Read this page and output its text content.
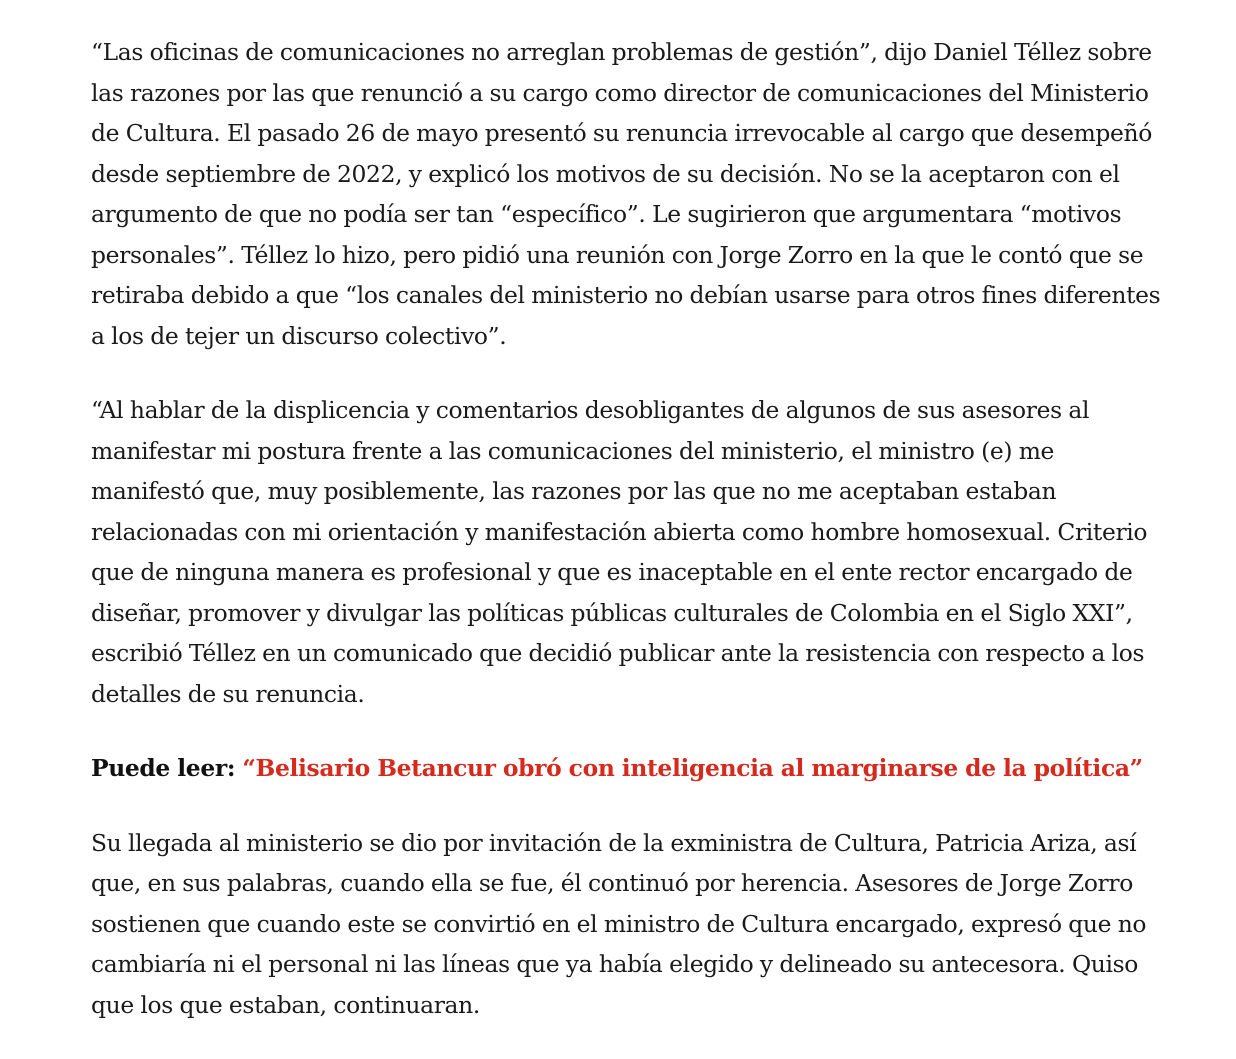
“Las oficinas de comunicaciones no arreglan problemas de gestión”, dijo Daniel Téllez sobre las razones por las que renunció a su cargo como director de comunicaciones del Ministerio de Cultura. El pasado 26 de mayo presentó su renuncia irrevocable al cargo que desempeñó desde septiembre de 2022, y explicó los motivos de su decisión. No se la aceptaron con el argumento de que no podía ser tan “específico”. Le sugirieron que argumentara “motivos personales”. Téllez lo hizo, pero pidió una reunión con Jorge Zorro en la que le contó que se retiraba debido a que “los canales del ministerio no debían usarse para otros fines diferentes a los de tejer un discurso colectivo”.

“Al hablar de la displicencia y comentarios desobligantes de algunos de sus asesores al manifestar mi postura frente a las comunicaciones del ministerio, el ministro (e) me manifestó que, muy posiblemente, las razones por las que no me aceptaban estaban relacionadas con mi orientación y manifestación abierta como hombre homosexual. Criterio que de ninguna manera es profesional y que es inaceptable en el ente rector encargado de diseñar, promover y divulgar las políticas públicas culturales de Colombia en el Siglo XXI”, escribió Téllez en un comunicado que decidió publicar ante la resistencia con respecto a los detalles de su renuncia.

Puede leer: “Belisario Betancur obró con inteligencia al marginarse de la política”

Su llegada al ministerio se dio por invitación de la exministra de Cultura, Patricia Ariza, así que, en sus palabras, cuando ella se fue, él continuó por herencia. Asesores de Jorge Zorro sostienen que cuando este se convirtió en el ministro de Cultura encargado, expresó que no cambiaría ni el personal ni las líneas que ya había elegido y delineado su antecesora. Quiso que los que estaban, continuaran.
